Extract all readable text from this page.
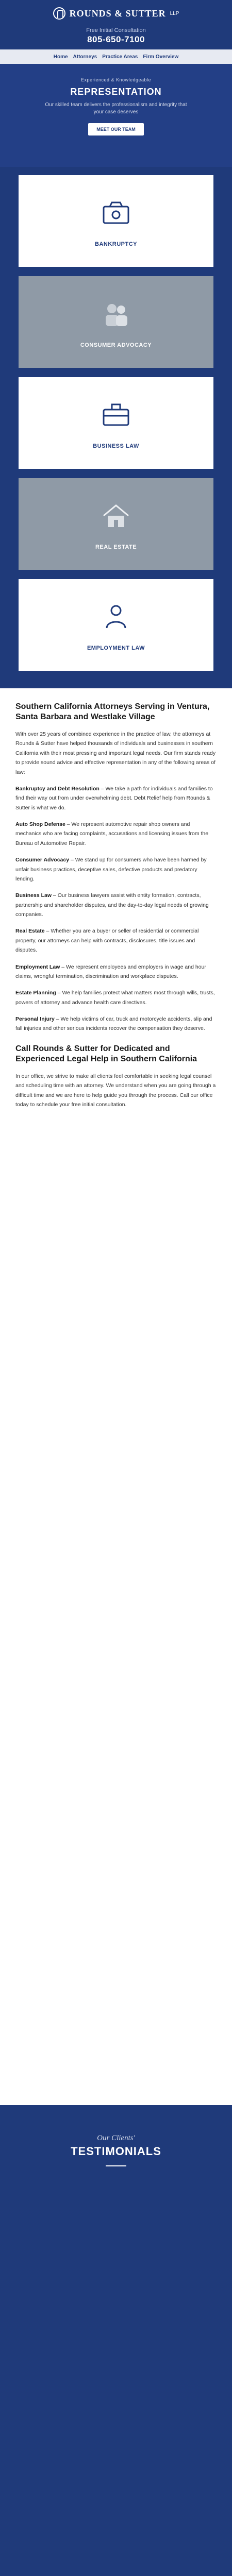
ROUNDS & SUTTER LLP
Free Initial Consultation
805-650-7100
Home Attorneys Practice Areas Firm Overview
Experienced & Knowledgeable
REPRESENTATION
Our skilled team delivers the professionalism and integrity that your case deserves
MEET OUR TEAM
BANKRUPTCY
CONSUMER ADVOCACY
BUSINESS LAW
REAL ESTATE
EMPLOYMENT LAW
Southern California Attorneys Serving in Ventura, Santa Barbara and Westlake Village

With over 25 years of combined experience in the practice of law, the attorneys at Rounds & Sutter have helped thousands of individuals and businesses in southern California with their most pressing and important legal needs. Our firm stands ready to provide sound advice and effective representation in any of the following areas of law:

Bankruptcy and Debt Resolution – We take a path for individuals and families to find their way out from under overwhelming debt. Debt Relief help from Rounds & Sutter is what we do.

Auto Shop Defense – We represent automotive repair shop owners and mechanics who are facing complaints, accusations and licensing issues from the Bureau of Automotive Repair.

Consumer Advocacy – We stand up for consumers who have been harmed by unfair business practices, deceptive sales, defective products and predatory lending.

Business Law – Our business lawyers assist with entity formation, contracts, partnership and shareholder disputes, and the day-to-day legal needs of growing companies.

Real Estate – Whether you are a buyer or seller of residential or commercial property, our attorneys can help with contracts, disclosures, title issues and disputes.

Employment Law – We represent employees and employers in wage and hour claims, wrongful termination, discrimination and workplace disputes.

Estate Planning – We help families protect what matters most through wills, trusts, powers of attorney and advance health care directives.

Personal Injury – We help victims of car, truck and motorcycle accidents, slip and fall injuries and other serious incidents recover the compensation they deserve.

Call Rounds & Sutter for Dedicated and Experienced Legal Help in Southern California

In our office, we strive to make all clients feel comfortable in seeking legal counsel and scheduling time with an attorney. We understand when you are going through a difficult time and we are here to help guide you through the process. Call our office today to schedule your free initial consultation.

Our Clients'
TESTIMONIALS
